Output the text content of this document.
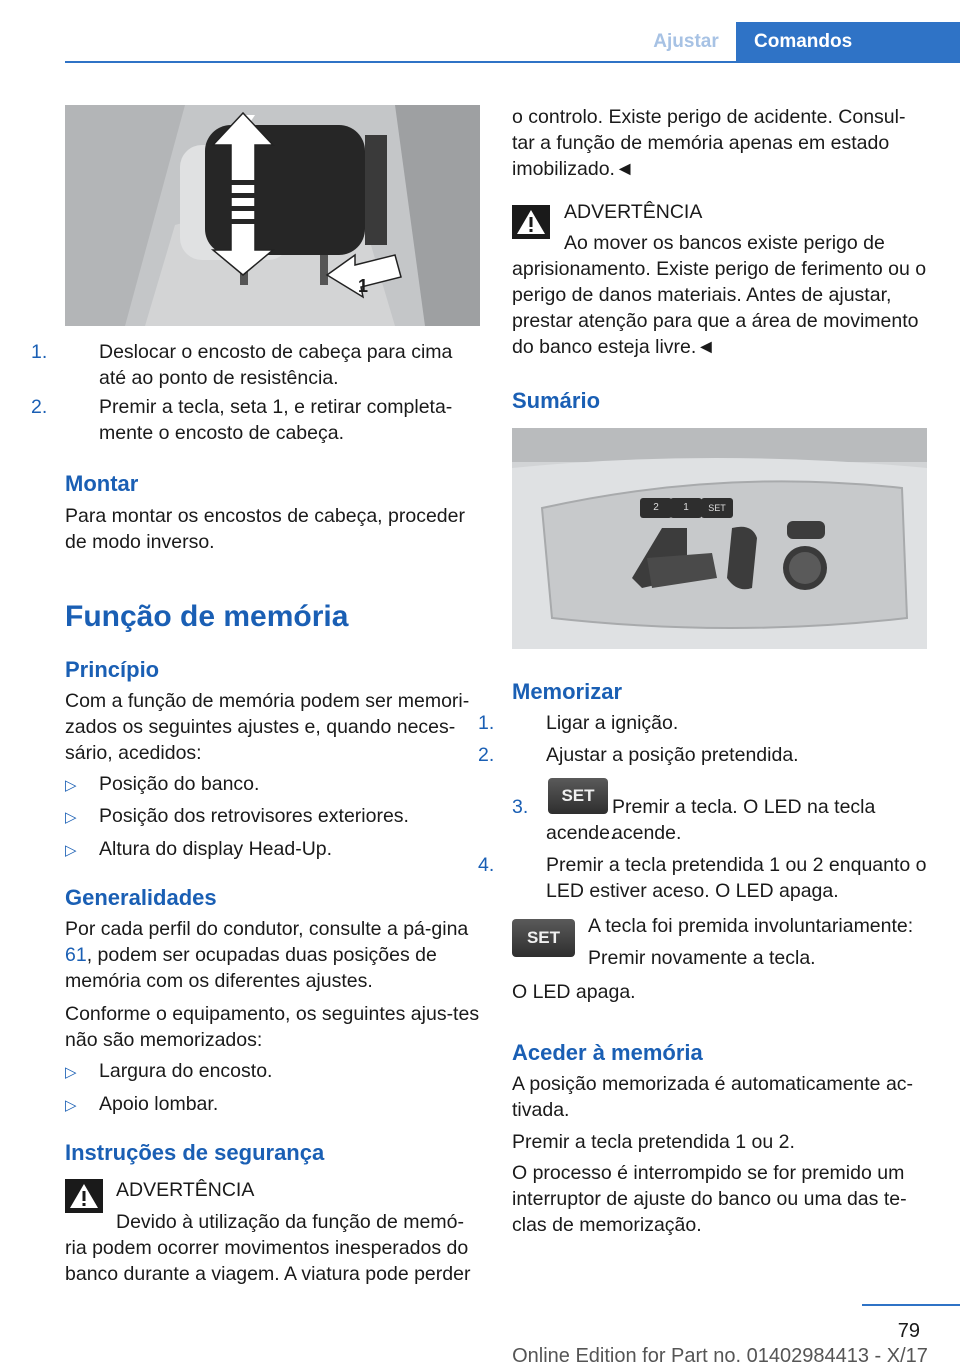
Ajustar	Comandos
1
1.	Deslocar o encosto de cabeça para cima até ao ponto de resistência.
2.	Premir a tecla, seta 1, e retirar completa‐mente o encosto de cabeça.
Montar
Para montar os encostos de cabeça, proceder de modo inverso.
Função de memória
Princípio
Com a função de memória podem ser memori‐zados os seguintes ajustes e, quando neces‐sário, acedidos:
▷ Posição do banco.
▷ Posição dos retrovisores exteriores.
▷ Altura do display Head-Up.
Generalidades
Por cada perfil do condutor, consulte a pá‐gina 61, podem ser ocupadas duas posições de memória com os diferentes ajustes.
Conforme o equipamento, os seguintes ajus‐tes não são memorizados:
▷ Largura do encosto.
▷ Apoio lombar.
Instruções de segurança
ADVERTÊNCIA
Devido à utilização da função de memó‐ria podem ocorrer movimentos inesperados do banco durante a viagem. A viatura pode perder
o controlo. Existe perigo de acidente. Consul‐tar a função de memória apenas em estado imobilizado.◄
ADVERTÊNCIA
Ao mover os bancos existe perigo de aprisionamento. Existe perigo de ferimento ou o perigo de danos materiais. Antes de ajustar, prestar atenção para que a área de movimento do banco esteja livre.◄
Sumário
2	1	SET
Memorizar
1.	Ligar a ignição.
2.	Ajustar a posição pretendida.
SET
3.	Premir a tecla. O LED na tecla acende.
acende.
4.	Premir a tecla pretendida 1 ou 2 enquanto o LED estiver aceso. O LED apaga.
SET
A tecla foi premida involuntariamente:
Premir novamente a tecla.
O LED apaga.
Aceder à memória
A posição memorizada é automaticamente ac‐tivada.
Premir a tecla pretendida 1 ou 2.
O processo é interrompido se for premido um interruptor de ajuste do banco ou uma das te‐clas de memorização.
79
Online Edition for Part no. 01402984413 - X/17
